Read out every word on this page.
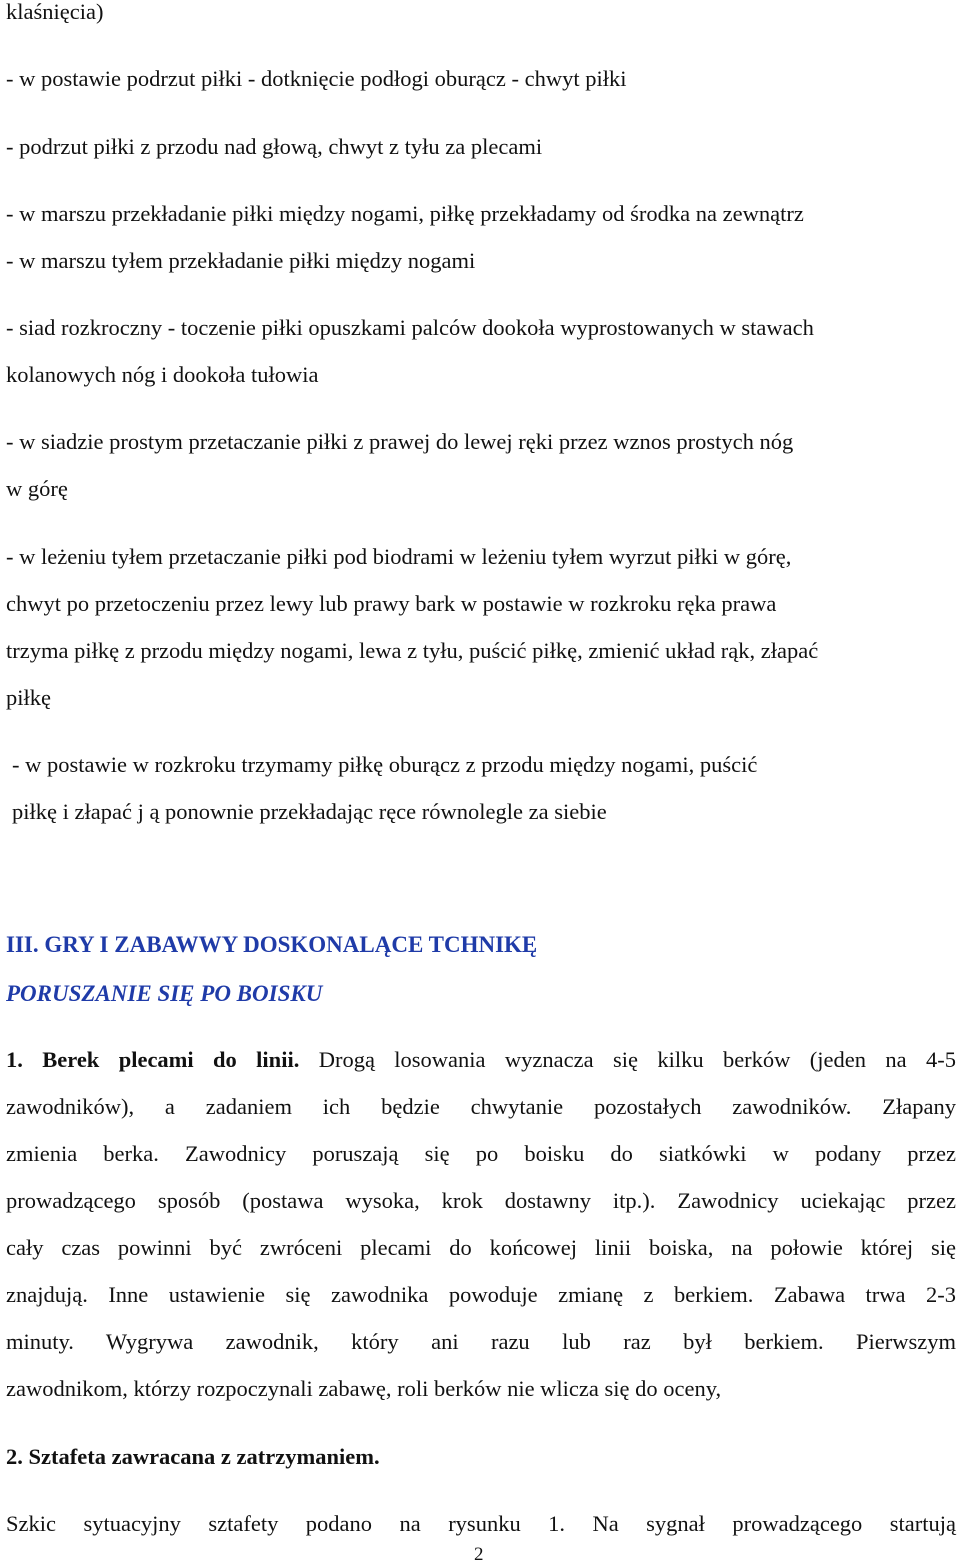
klaśnięcia)
- w postawie podrzut piłki - dotknięcie podłogi oburącz - chwyt piłki
- podrzut piłki z przodu nad głową, chwyt z tyłu za plecami
- w marszu przekładanie piłki między nogami, piłkę przekładamy od środka na zewnątrz
- w marszu tyłem przekładanie piłki między nogami
- siad rozkroczny - toczenie piłki opuszkami palców dookoła wyprostowanych w stawach
kolanowych nóg i dookoła tułowia
- w siadzie prostym przetaczanie piłki z prawej do lewej ręki przez wznos prostych nóg
w górę
- w leżeniu tyłem przetaczanie piłki pod biodrami w leżeniu tyłem wyrzut piłki w górę,
chwyt po przetoczeniu przez lewy lub prawy bark w postawie w rozkroku ręka prawa
trzyma piłkę z przodu między nogami, lewa z tyłu, puścić piłkę, zmienić układ rąk, złapać
piłkę
- w postawie w rozkroku trzymamy piłkę oburącz z przodu między nogami, puścić
piłkę i złapać j ą ponownie przekładając ręce równolegle za siebie
III. GRY I ZABAWWY DOSKONALĄCE TCHNIKĘ
PORUSZANIE SIĘ PO BOISKU
1. Berek plecami do linii. Drogą losowania wyznacza się kilku berków (jeden na 4-5
zawodników), a zadaniem ich będzie chwytanie pozostałych zawodników. Złapany
zmienia berka. Zawodnicy poruszają się po boisku do siatkówki w podany przez
prowadzącego sposób (postawa wysoka, krok dostawny itp.). Zawodnicy uciekając przez
cały czas powinni być zwróceni plecami do końcowej linii boiska, na połowie której się
znajdują. Inne ustawienie się zawodnika powoduje zmianę z berkiem. Zabawa trwa 2-3
minuty. Wygrywa zawodnik, który ani razu lub raz był berkiem. Pierwszym
zawodnikom, którzy rozpoczynali zabawę, roli berków nie wlicza się do oceny,
2. Sztafeta zawracana z zatrzymaniem.
Szkic sytuacyjny sztafety podano na rysunku 1. Na sygnał prowadzącego startują
2
